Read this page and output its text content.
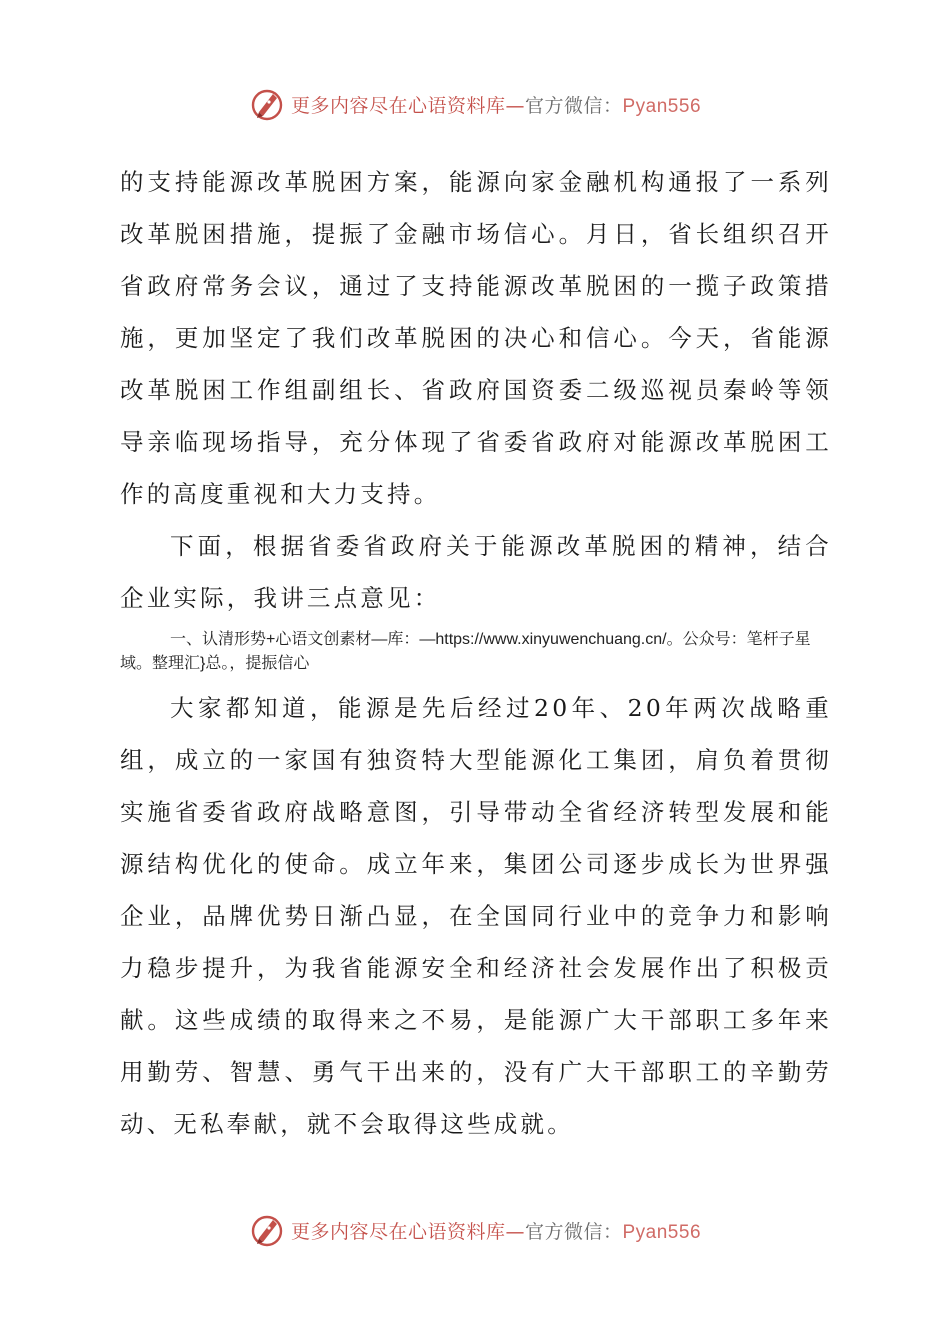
更多内容尽在心语资料库—官方微信：Pyan556

的支持能源改革脱困方案，能源向家金融机构通报了一系列改革脱困措施，提振了金融市场信心。月日，省长组织召开省政府常务会议，通过了支持能源改革脱困的一揽子政策措施，更加坚定了我们改革脱困的决心和信心。今天，省能源改革脱困工作组副组长、省政府国资委二级巡视员秦岭等领导亲临现场指导，充分体现了省委省政府对能源改革脱困工作的高度重视和大力支持。

下面，根据省委省政府关于能源改革脱困的精神，结合企业实际，我讲三点意见：

一、认清形势+心语文创素材—库：—https://www.xinyuwenchuang.cn/。公众号：笔杆子星域。整理汇}总。，提振信心

大家都知道，能源是先后经过20年、20年两次战略重组，成立的一家国有独资特大型能源化工集团，肩负着贯彻实施省委省政府战略意图，引导带动全省经济转型发展和能源结构优化的使命。成立年来，集团公司逐步成长为世界强企业，品牌优势日渐凸显，在全国同行业中的竞争力和影响力稳步提升，为我省能源安全和经济社会发展作出了积极贡献。这些成绩的取得来之不易，是能源广大干部职工多年来用勤劳、智慧、勇气干出来的，没有广大干部职工的辛勤劳动、无私奉献，就不会取得这些成就。

更多内容尽在心语资料库—官方微信：Pyan556
